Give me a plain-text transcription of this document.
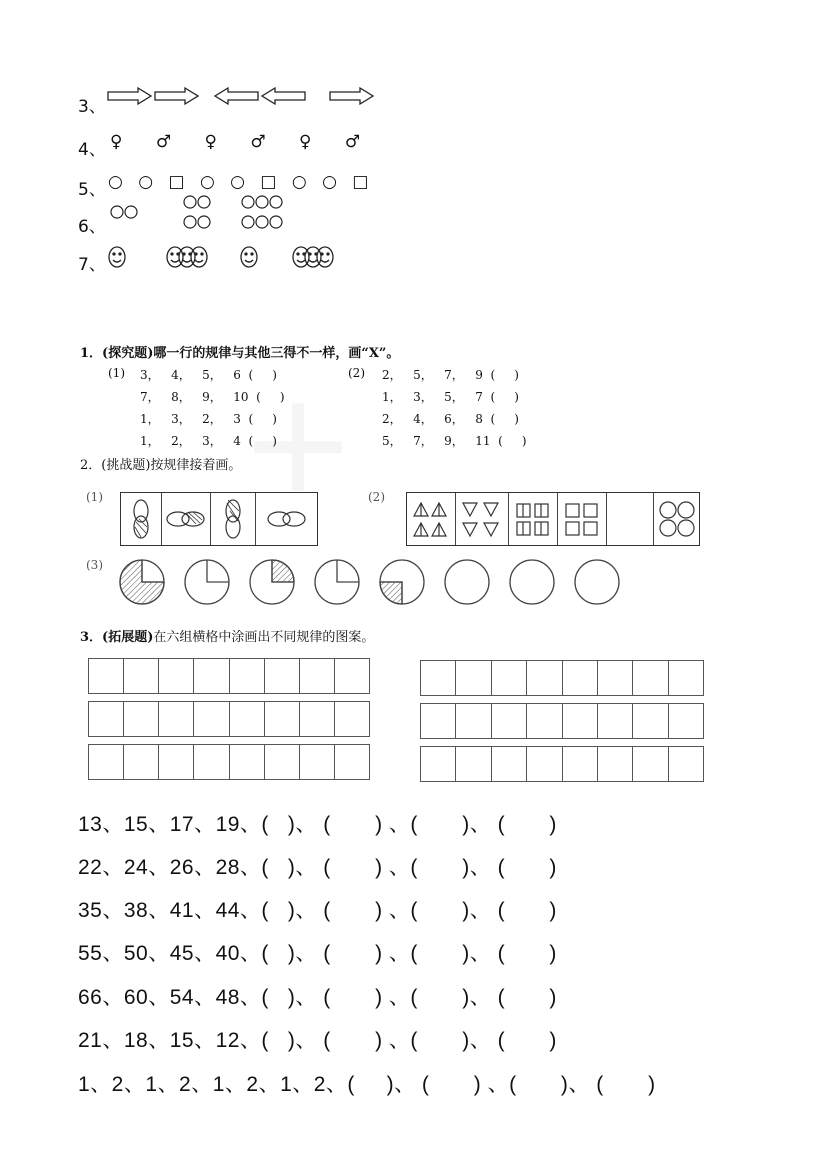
3、
4、 ♀ ♂ ♀ ♂ ♀ ♂
5、 ○ ○ □ ○ ○ □ ○ ○ □
6、
7、
1．(探究题)哪一行的规律与其他三得不一样，画“X”。
(1) 3，   4，   5，   6  (     )
7，   8，   9，   10  (     )
1，   3，   2，   3  (     )
1，   2，   3，   4  (     )
(2) 2，   5，   7，   9  (     )
1，   3，   5，   7  (     )
2，   4，   6，   8  (     )
5，   7，   9，   11  (     )
2．(挑战题)按规律接着画。
(1)	(2)
(3)
3．(拓展题)在六组横格中涂画出不同规律的图案。
13、15、17、19、(   )、 (       ) 、(       )、 (       )
22、24、26、28、(   )、 (       ) 、(       )、 (       )
35、38、41、44、(   )、 (       ) 、(       )、 (       )
55、50、45、40、(   )、 (       ) 、(       )、 (       )
66、60、54、48、(   )、 (       ) 、(       )、 (       )
21、18、15、12、(   )、 (       ) 、(       )、 (       )
1、2、1、2、1、2、1、2、(     )、 (       ) 、(       )、 (       )
